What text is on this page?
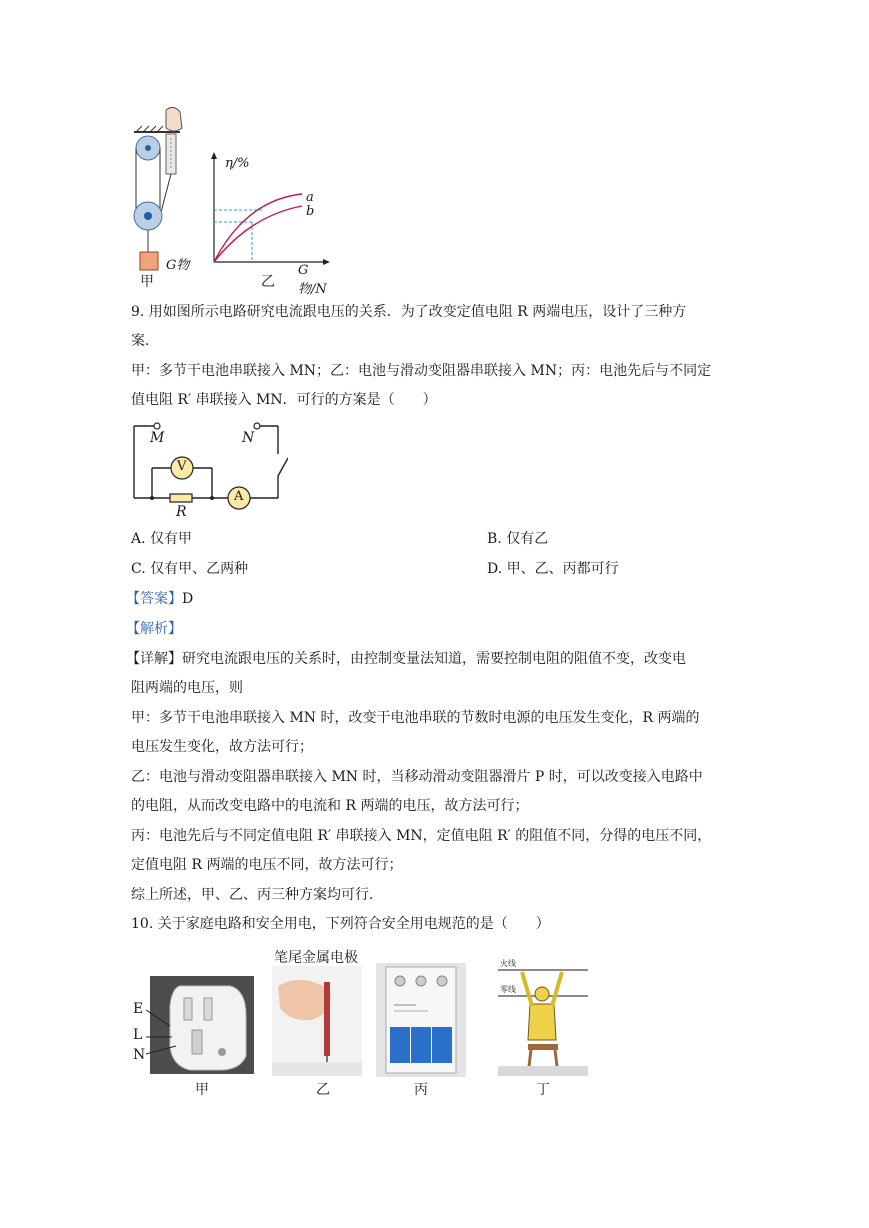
G物
甲
η/%
a
b
G物/N
乙
9. 用如图所示电路研究电流跟电压的关系．为了改变定值电阻 R 两端电压，设计了三种方
案．
甲：多节干电池串联接入 MN；乙：电池与滑动变阻器串联接入 MN；丙：电池先后与不同定
值电阻 R′ 串联接入 MN．可行的方案是（　　）
M	N
V
A
R
A. 仅有甲	B. 仅有乙
C. 仅有甲、乙两种	D. 甲、乙、丙都可行
【答案】D
【解析】
【详解】研究电流跟电压的关系时，由控制变量法知道，需要控制电阻的阻值不变，改变电
阻两端的电压，则
甲：多节干电池串联接入 MN 时，改变干电池串联的节数时电源的电压发生变化，R 两端的
电压发生变化，故方法可行；
乙：电池与滑动变阻器串联接入 MN 时，当移动滑动变阻器滑片 P 时，可以改变接入电路中
的电阻，从而改变电路中的电流和 R 两端的电压，故方法可行；
丙：电池先后与不同定值电阻 R′ 串联接入 MN，定值电阻 R′ 的阻值不同，分得的电压不同，
定值电阻 R 两端的电压不同，故方法可行；
综上所述，甲、乙、丙三种方案均可行．
10. 关于家庭电路和安全用电，下列符合安全用电规范的是（　　）
E
L
N
甲
笔尾金属电极
乙	丙
火线
零线
丁
